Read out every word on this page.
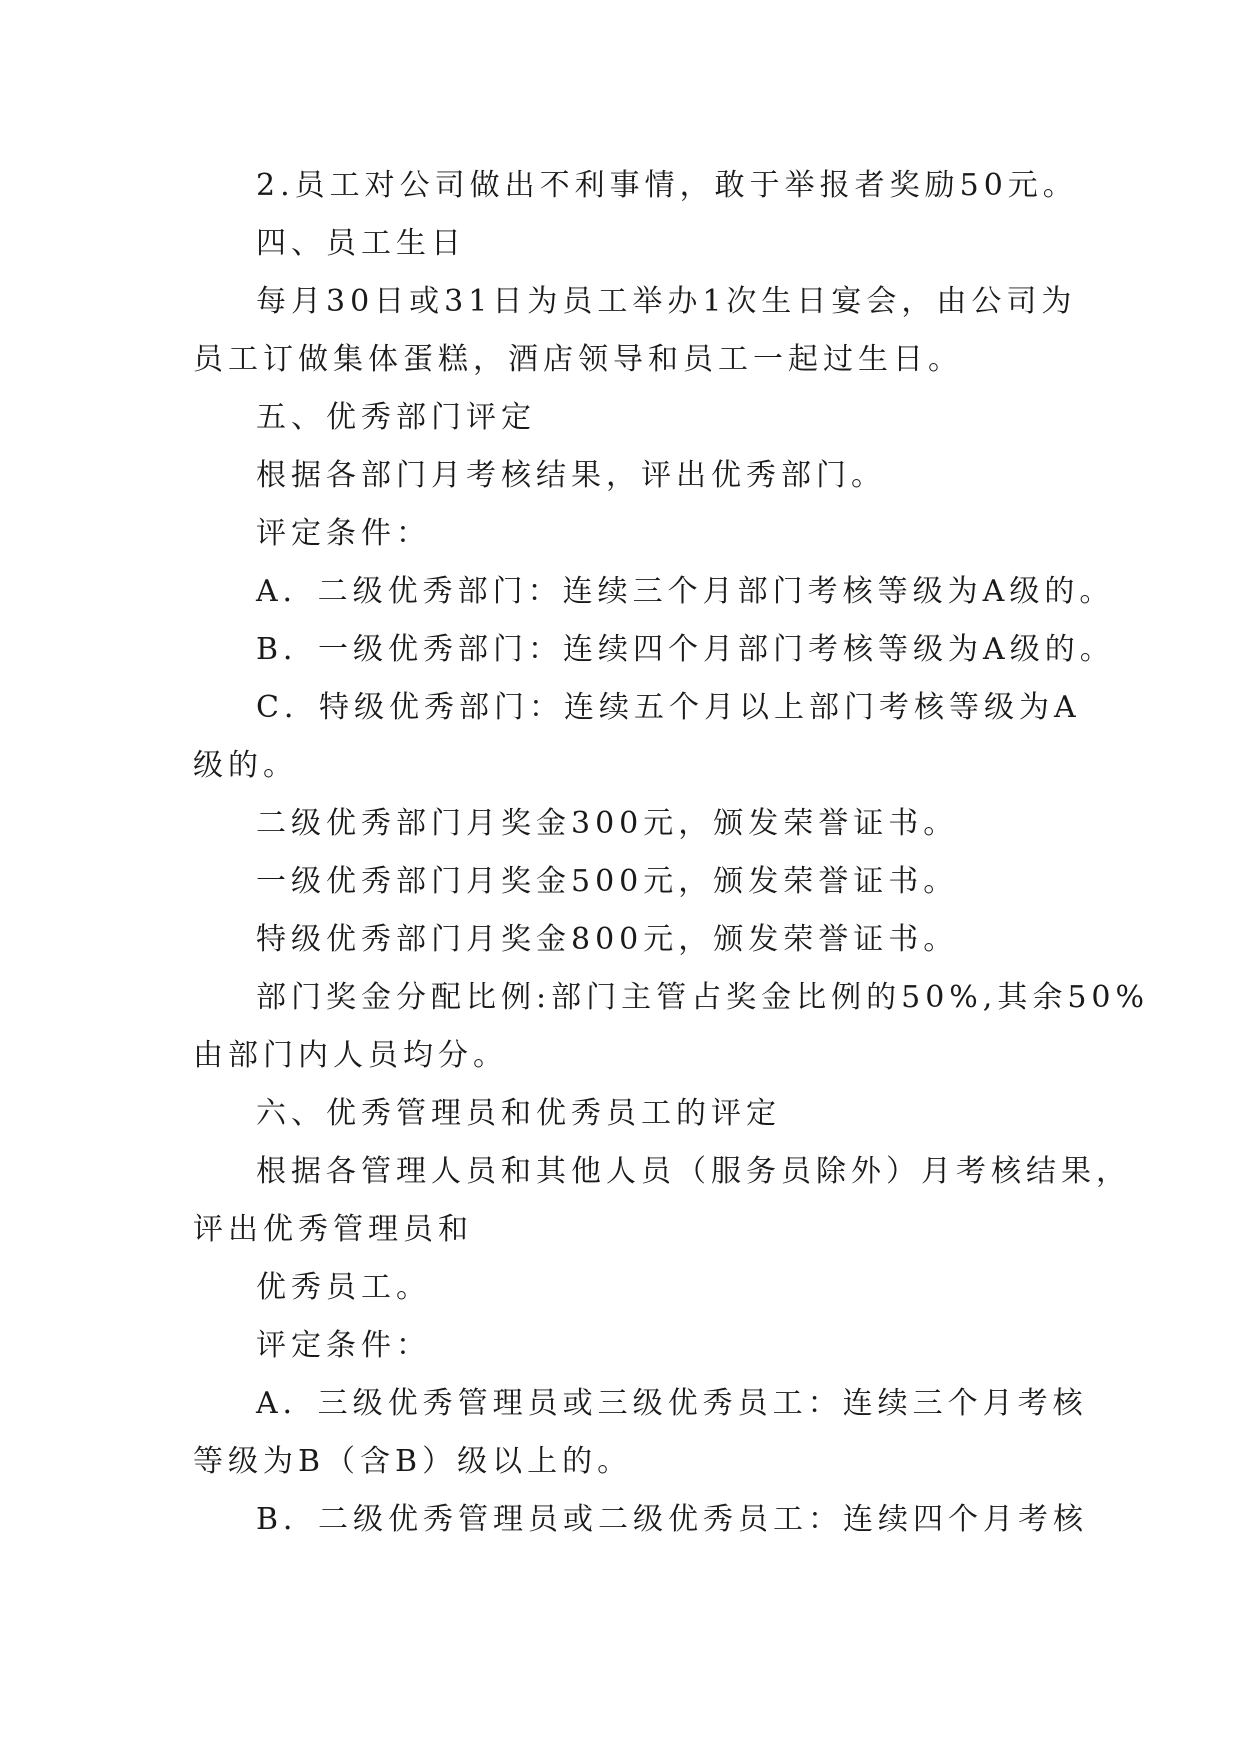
2.员工对公司做出不利事情，敢于举报者奖励50元。
四、员工生日
每月30日或31日为员工举办1次生日宴会，由公司为
员工订做集体蛋糕，酒店领导和员工一起过生日。
五、优秀部门评定
根据各部门月考核结果，评出优秀部门。
评定条件：
A．二级优秀部门：连续三个月部门考核等级为A级的。
B．一级优秀部门：连续四个月部门考核等级为A级的。
C．特级优秀部门：连续五个月以上部门考核等级为A
级的。
二级优秀部门月奖金300元，颁发荣誉证书。
一级优秀部门月奖金500元，颁发荣誉证书。
特级优秀部门月奖金800元，颁发荣誉证书。
部门奖金分配比例:部门主管占奖金比例的50%,其余50%
由部门内人员均分。
六、优秀管理员和优秀员工的评定
根据各管理人员和其他人员（服务员除外）月考核结果，
评出优秀管理员和
优秀员工。
评定条件：
A．三级优秀管理员或三级优秀员工：连续三个月考核
等级为B（含B）级以上的。
B．二级优秀管理员或二级优秀员工：连续四个月考核
